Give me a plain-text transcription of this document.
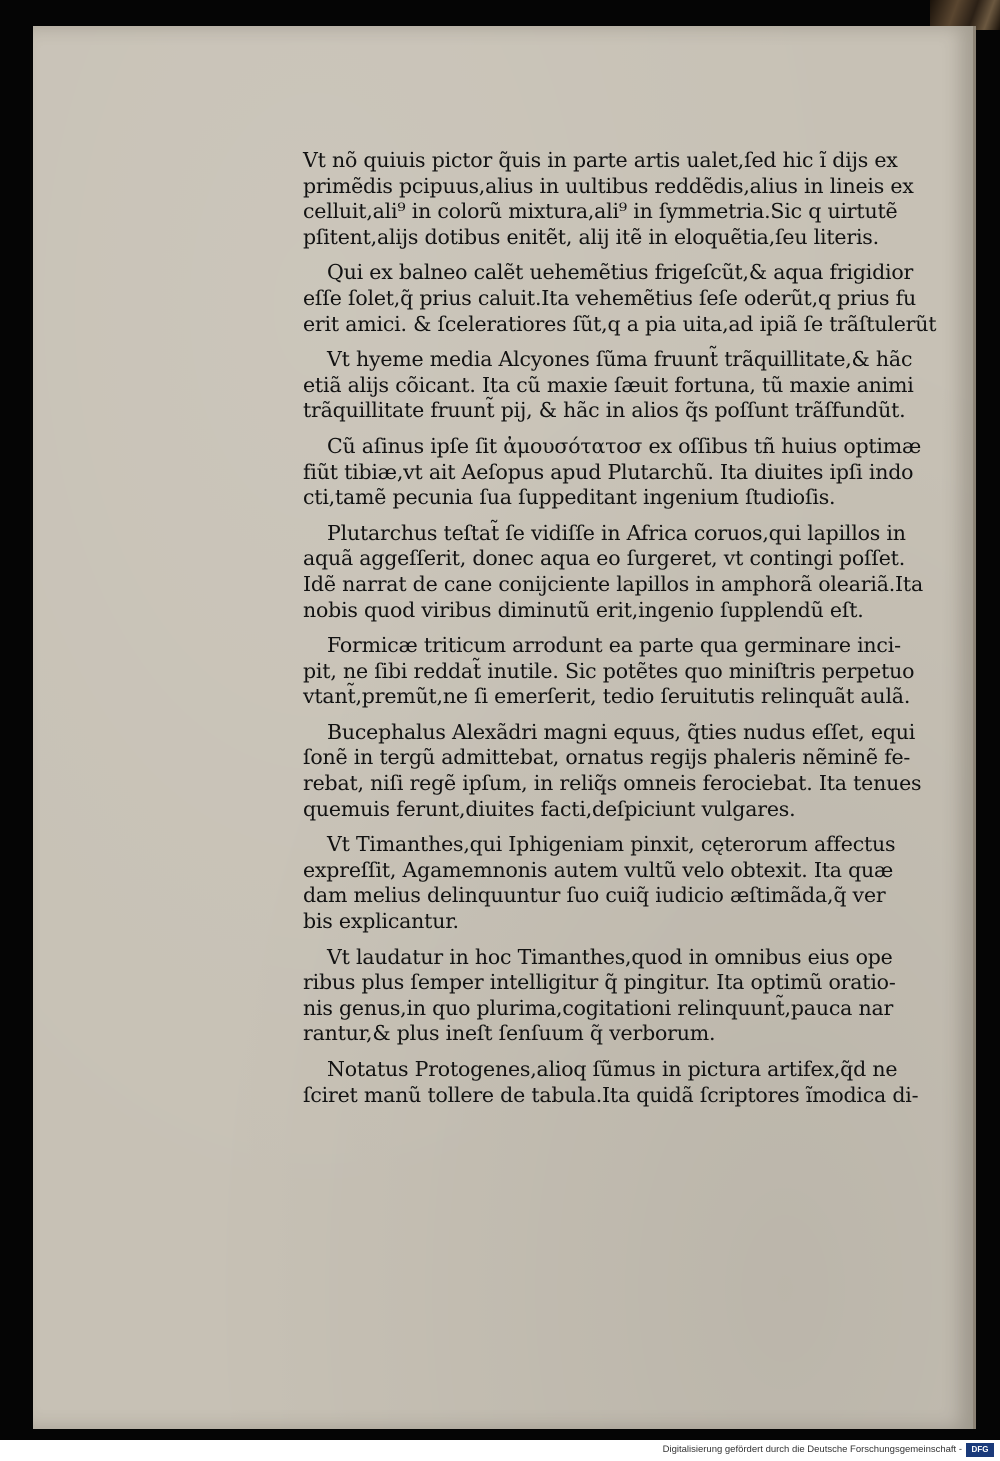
Vt nõ quiuis pictor q̃uis in parte artis ualet,ſed hic ĩ dijs ex
primẽdis pcipuus,alius in uultibus reddẽdis,alius in lineis ex
celluit,ali⁹ in colorũ mixtura,ali⁹ in ſymmetria.Sic q uirtutẽ
pſitent,alijs dotibus enitẽt, alij itẽ in eloquẽtia,ſeu literis.

Qui ex balneo calẽt uehemẽtius frigeſcũt,& aqua frigidior
eſſe ſolet,q̃ prius caluit.Ita vehemẽtius ſeſe oderũt,q prius fu
erit amici. & ſceleratiores ſũt,q a pia uita,ad ipiã ſe trãſtulerũt

Vt hyeme media Alcyones ſũma fruunt̃ trãquillitate,& hãc
etiã alijs cõicant. Ita cũ maxie ſæuit fortuna, tũ maxie animi
trãquillitate fruunt̃ pij, & hãc in alios q̃s poſſunt trãſfundũt.

Cũ aſinus ipſe ſit ἀμουσότατοσ ex oſſibus tñ huius optimæ
fiũt tibiæ,vt ait Aeſopus apud Plutarchũ. Ita diuites ipſi indo
cti,tamẽ pecunia ſua ſuppeditant ingenium ſtudioſis.

Plutarchus teſtat̃ ſe vidiſſe in Africa coruos,qui lapillos in
aquã aggeſſerit, donec aqua eo ſurgeret, vt contingi poſſet.
Idẽ narrat de cane conijciente lapillos in amphorã oleariã.Ita
nobis quod viribus diminutũ erit,ingenio ſupplendũ eſt.

Formicæ triticum arrodunt ea parte qua germinare inci-
pit, ne ſibi reddat̃ inutile. Sic potẽtes quo miniſtris perpetuo
vtant̃,premũt,ne ſi emerſerit, tedio ſeruitutis relinquãt aulã.

Bucephalus Alexãdri magni equus, q̃ties nudus eſſet, equi
ſonẽ in tergũ admittebat, ornatus regijs phaleris nẽminẽ fe-
rebat, niſi regẽ ipſum, in reliq̃s omneis ferociebat. Ita tenues
quemuis ferunt,diuites facti,deſpiciunt vulgares.

Vt Timanthes,qui Iphigeniam pinxit, cęterorum affectus
expreſſit, Agamemnonis autem vultũ velo obtexit. Ita quæ
dam melius delinquuntur ſuo cuiq̃ iudicio æſtimãda,q̃ ver
bis explicantur.

Vt laudatur in hoc Timanthes,quod in omnibus eius ope
ribus plus ſemper intelligitur q̃ pingitur. Ita optimũ oratio-
nis genus,in quo plurima,cogitationi relinquunt̃,pauca nar
rantur,& plus ineſt ſenſuum q̃ verborum.

Notatus Protogenes,alioq ſũmus in pictura artifex,q̃d ne
ſciret manũ tollere de tabula.Ita quidã ſcriptores ĩmodica di-

Digitalisierung gefördert durch die Deutsche Forschungsgemeinschaft -	DFG
